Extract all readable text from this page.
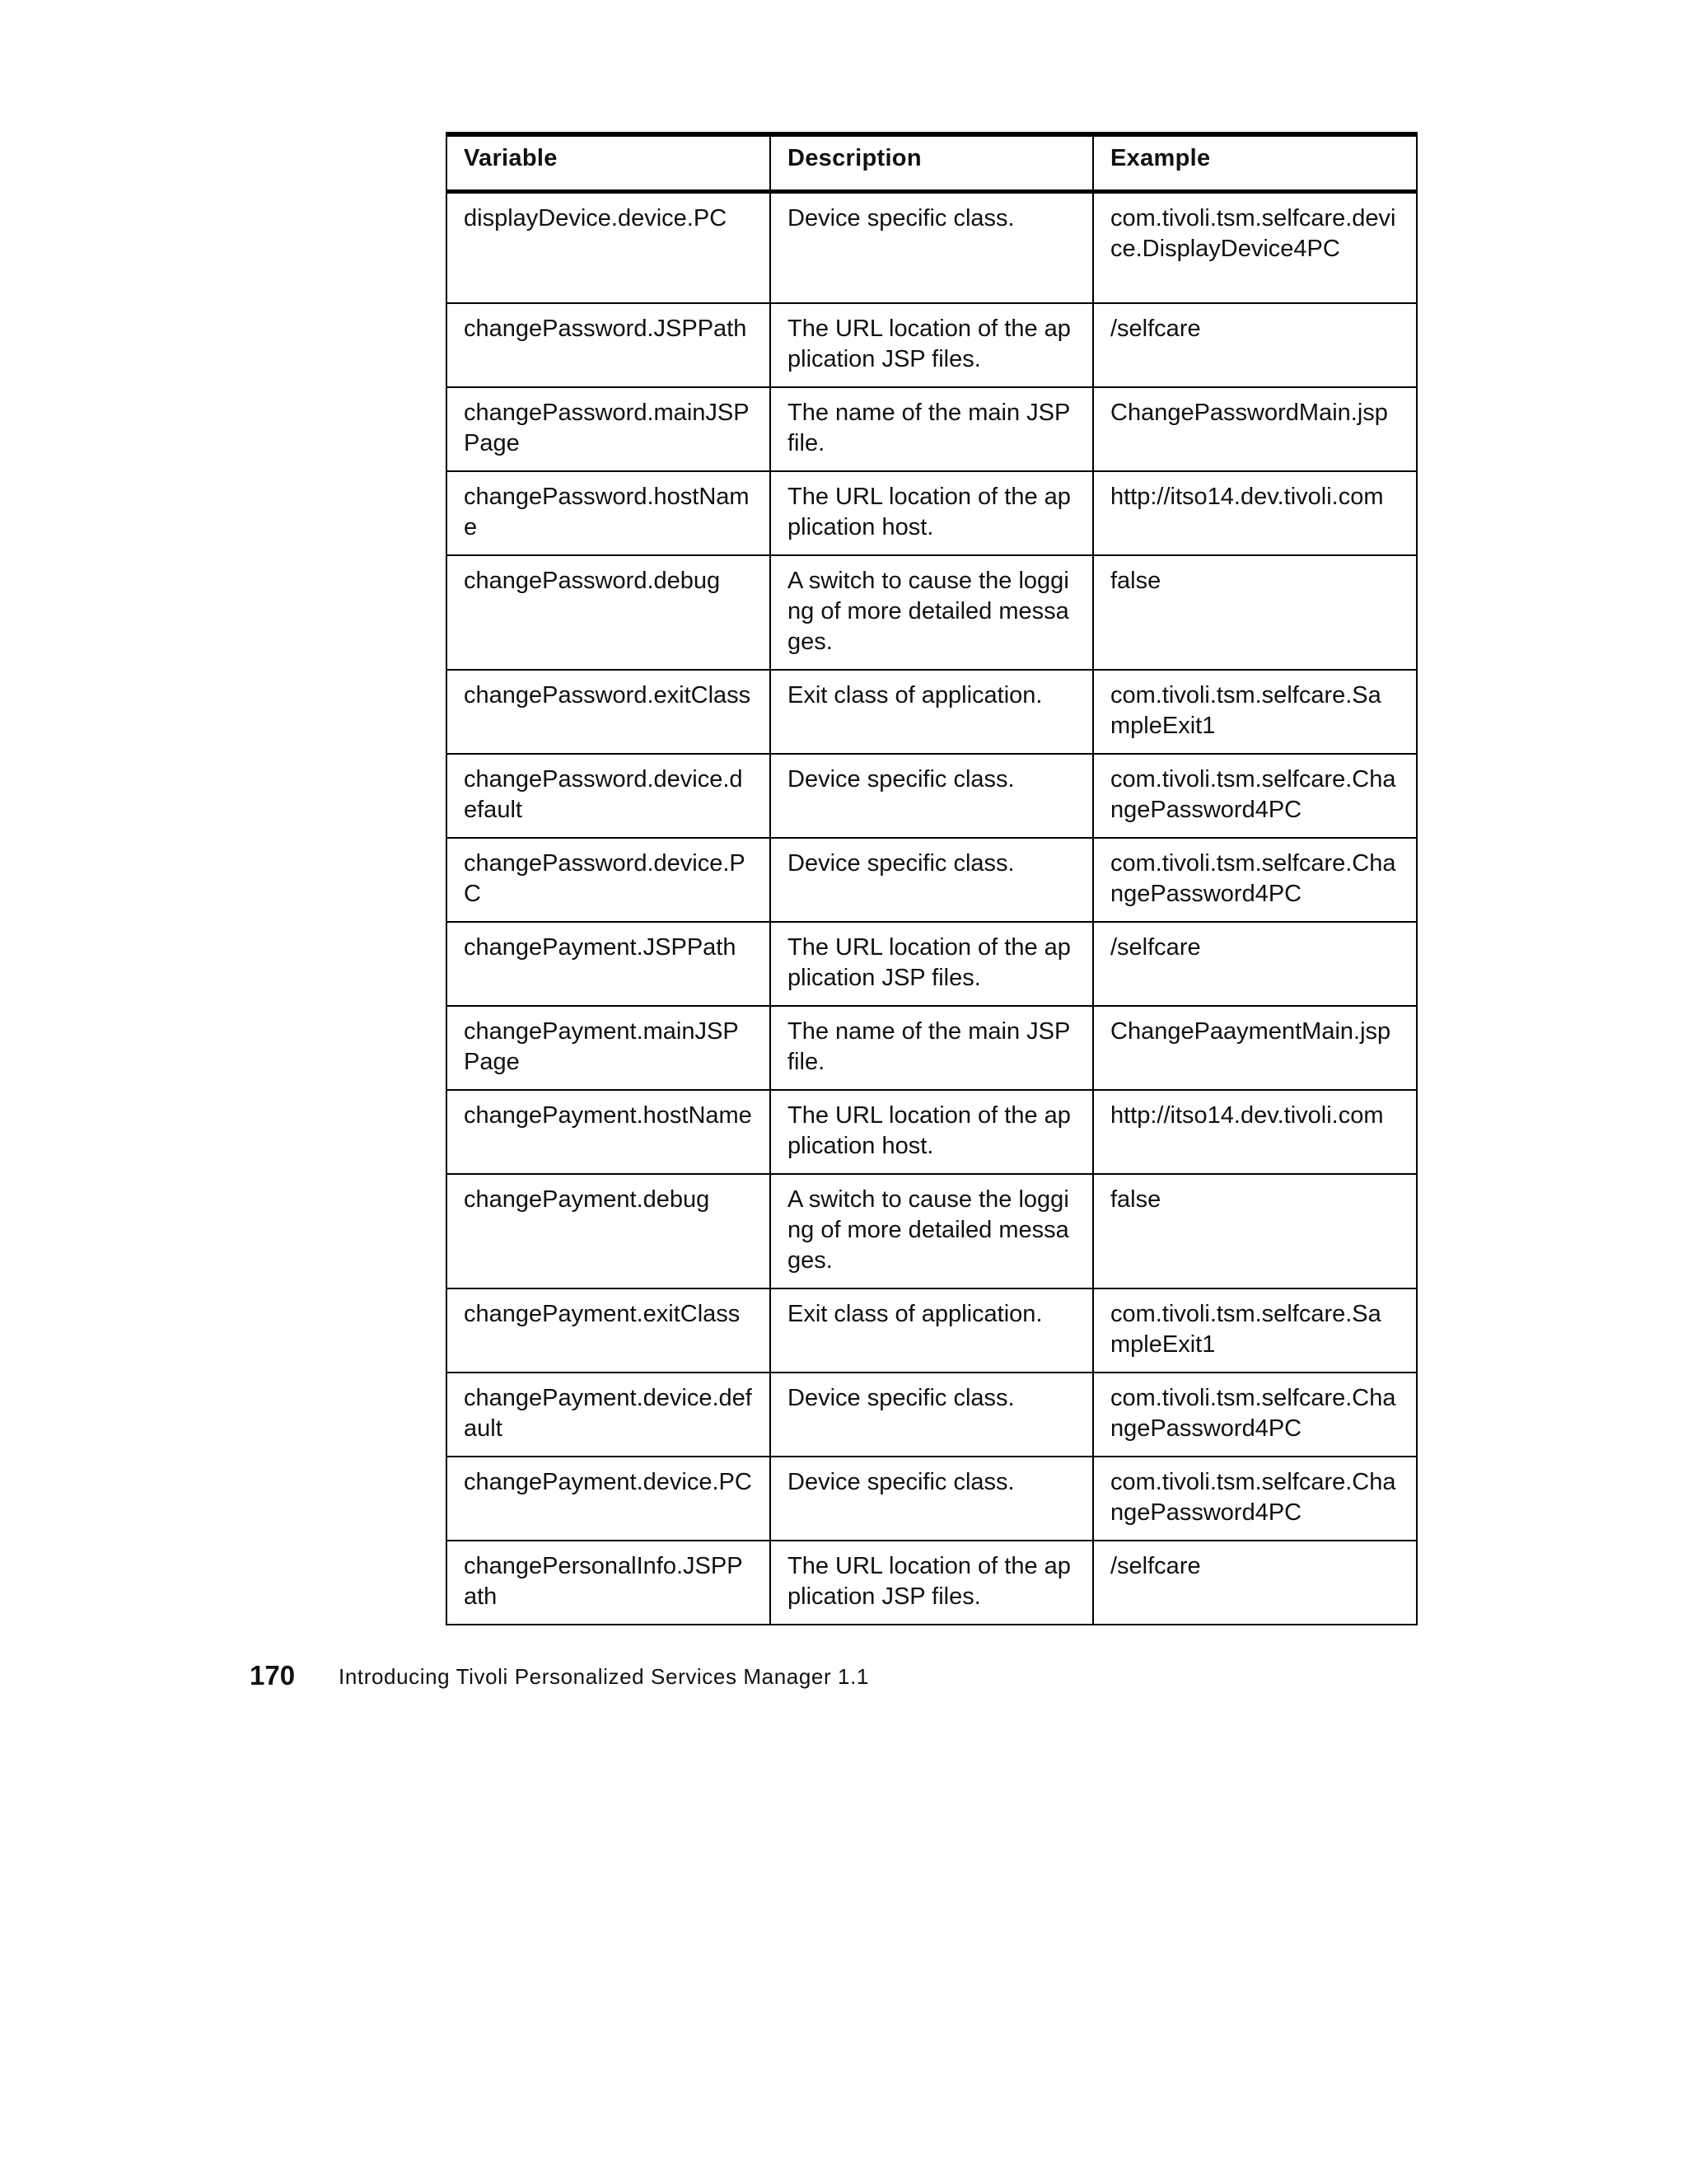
Variable	Description	Example
displayDevice.device.PC	Device specific class.	com.tivoli.tsm.selfcare.device.DisplayDevice4PC
changePassword.JSPPath	The URL location of the application JSP files.	/selfcare
changePassword.mainJSPPage	The name of the main JSP file.	ChangePasswordMain.jsp
changePassword.hostName	The URL location of the application host.	http://itso14.dev.tivoli.com
changePassword.debug	A switch to cause the logging of more detailed messages.	false
changePassword.exitClass	Exit class of application.	com.tivoli.tsm.selfcare.SampleExit1
changePassword.device.default	Device specific class.	com.tivoli.tsm.selfcare.ChangePassword4PC
changePassword.device.PC	Device specific class.	com.tivoli.tsm.selfcare.ChangePassword4PC
changePayment.JSPPath	The URL location of the application JSP files.	/selfcare
changePayment.mainJSPPage	The name of the main JSP file.	ChangePaaymentMain.jsp
changePayment.hostName	The URL location of the application host.	http://itso14.dev.tivoli.com
changePayment.debug	A switch to cause the logging of more detailed messages.	false
changePayment.exitClass	Exit class of application.	com.tivoli.tsm.selfcare.SampleExit1
changePayment.device.default	Device specific class.	com.tivoli.tsm.selfcare.ChangePassword4PC
changePayment.device.PC	Device specific class.	com.tivoli.tsm.selfcare.ChangePassword4PC
changePersonalInfo.JSPPath	The URL location of the application JSP files.	/selfcare
170 Introducing Tivoli Personalized Services Manager 1.1
